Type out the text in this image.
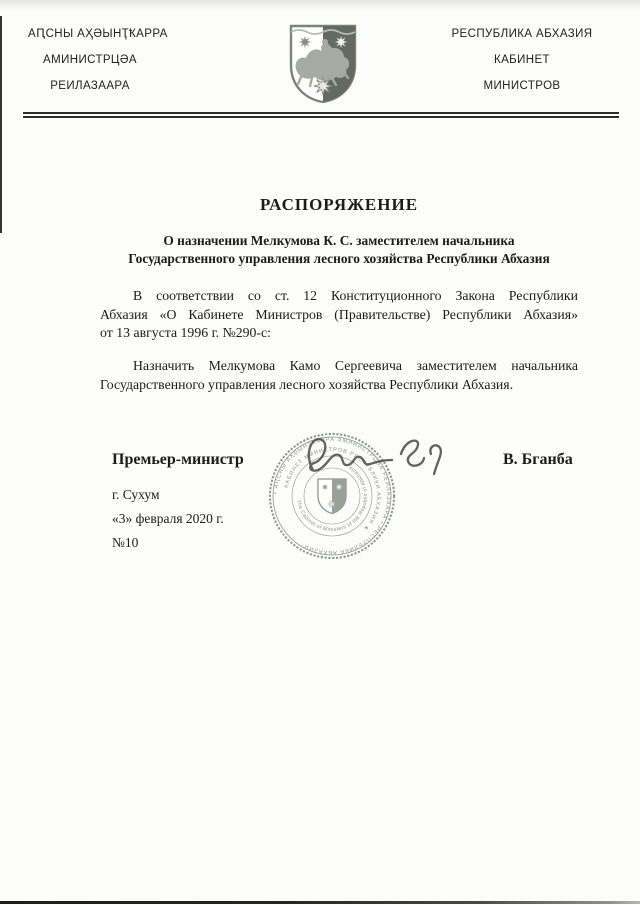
АԤСНЫ АҲӘЫНҬҞАРРА
АМИНИСТРЦӘА
РЕИЛАЗААРА
РЕСПУБЛИКА АБХАЗИЯ
КАБИНЕТ
МИНИСТРОВ
РАСПОРЯЖЕНИЕ
О назначении Мелкумова К. С. заместителем начальника
Государственного управления лесного хозяйства Республики Абхазия
В соответствии со ст. 12 Конституционного Закона Республики
Абхазия «О Кабинете Министров (Правительстве) Республики Абхазия»
от 13 августа 1996 г. №290-с:
Назначить Мелкумова Камо Сергеевича заместителем начальника
Государственного управления лесного хозяйства Республики Абхазия.
Премьер-министр	В. Бганба
г. Сухум
«3» февраля 2020 г.
№10
• АԤСНЫ АҲӘЫНҬҞАРРА АМИНИСТРЦӘА РЕИЛАЗААРА • РЕСПУБЛИКА АБХАЗИЯ
КАБИНЕТ МИНИСТРОВ РЕСПУБЛИКИ АБХАЗИЯ ★
The Cabinet of Ministers of the Republic of Abkhazia
